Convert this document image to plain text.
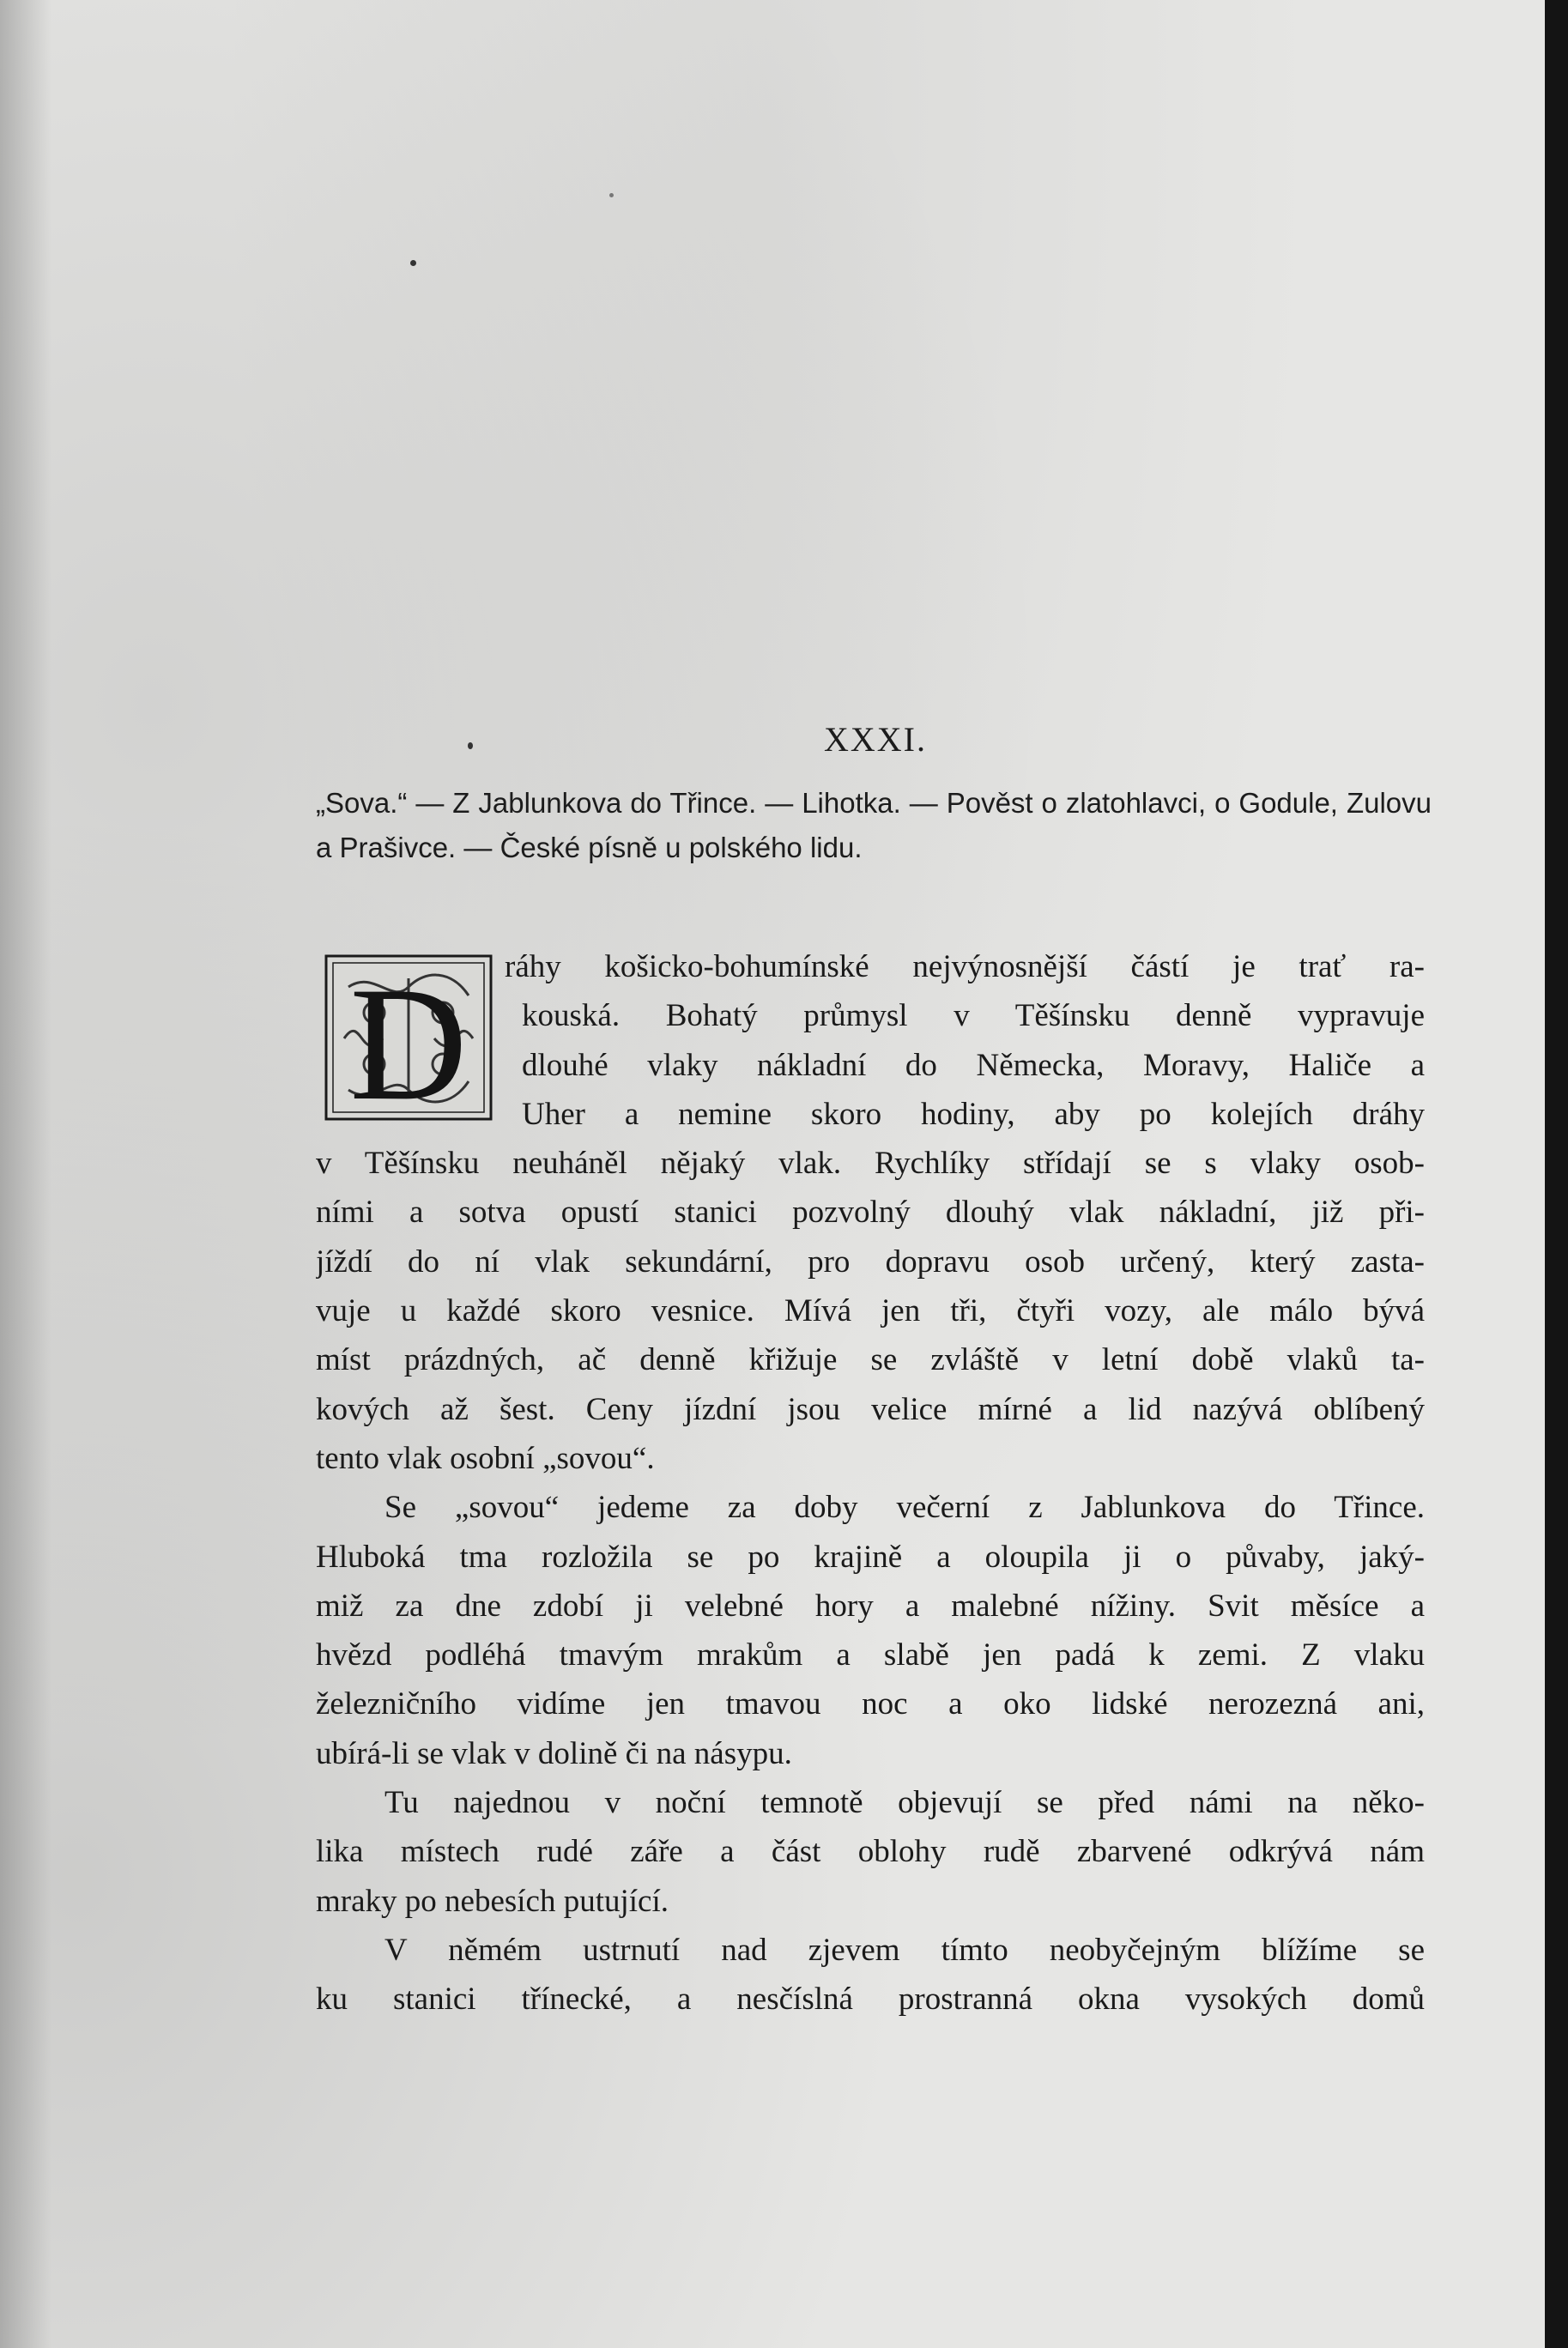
XXXI.
„Sova.“ — Z Jablunkova do Třince. — Lihotka. — Pověst o zlatohlavci, o Godule, Zulovu a Prašivce. — České písně u polského lidu.
D	ráhy košicko-bohumínské nejvýnosnější částí je trať ra-
kouská. Bohatý průmysl v Těšínsku denně vypravuje
dlouhé vlaky nákladní do Německa, Moravy, Haliče a
Uher a nemine skoro hodiny, aby po kolejích dráhy
v Těšínsku neuháněl nějaký vlak. Rychlíky střídají se s vlaky osob-
ními a sotva opustí stanici pozvolný dlouhý vlak nákladní, již při-
jíždí do ní vlak sekundární, pro dopravu osob určený, který zasta-
vuje u každé skoro vesnice. Mívá jen tři, čtyři vozy, ale málo bývá
míst prázdných, ač denně křižuje se zvláště v letní době vlaků ta-
kových až šest. Ceny jízdní jsou velice mírné a lid nazývá oblíbený
tento vlak osobní „sovou“.
Se „sovou“ jedeme za doby večerní z Jablunkova do Třince.
Hluboká tma rozložila se po krajině a oloupila ji o půvaby, jaký-
miž za dne zdobí ji velebné hory a malebné nížiny. Svit měsíce a
hvězd podléhá tmavým mrakům a slabě jen padá k zemi. Z vlaku
železničního vidíme jen tmavou noc a oko lidské nerozezná ani,
ubírá-li se vlak v dolině či na násypu.
Tu najednou v noční temnotě objevují se před námi na něko-
lika místech rudé záře a část oblohy rudě zbarvené odkrývá nám
mraky po nebesích putující.
V němém ustrnutí nad zjevem tímto neobyčejným blížíme se
ku stanici třínecké, a nesčíslná prostranná okna vysokých domů
